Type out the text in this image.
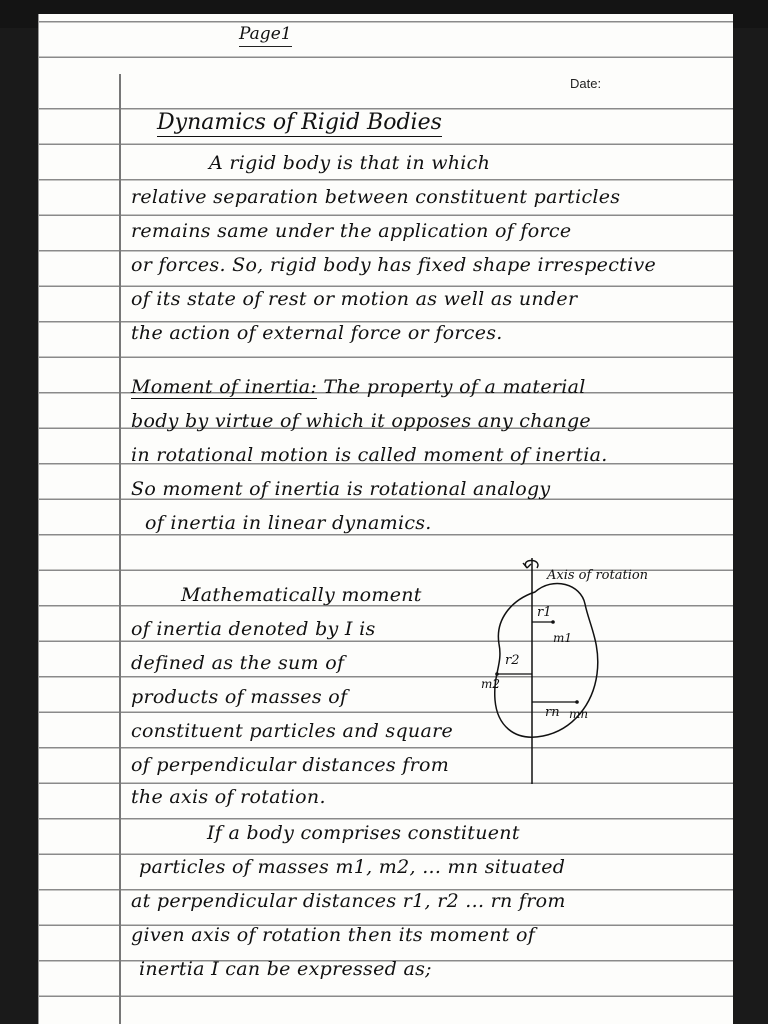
Page1
Date:
Dynamics of Rigid Bodies
A rigid body is that in which
relative separation between constituent particles
remains same under the application of force
or forces. So, rigid body has fixed shape irrespective
of its state of rest or motion as well as under
the action of external force or forces.
Moment of inertia: The property of a material
body by virtue of which it opposes any change
in rotational motion is called moment of inertia.
So moment of inertia is rotational analogy
of inertia in linear dynamics.
Mathematically moment
of inertia denoted by I is
defined as the sum of
products of masses of
constituent particles and square
of perpendicular distances from
the axis of rotation.
If a body comprises constituent
particles of masses m1, m2, ... mn situated
at perpendicular distances r1, r2 ... rn from
given axis of rotation then its moment of
inertia I can be expressed as;
Axis of rotation
r1
m1
r2
m2
rn mn
